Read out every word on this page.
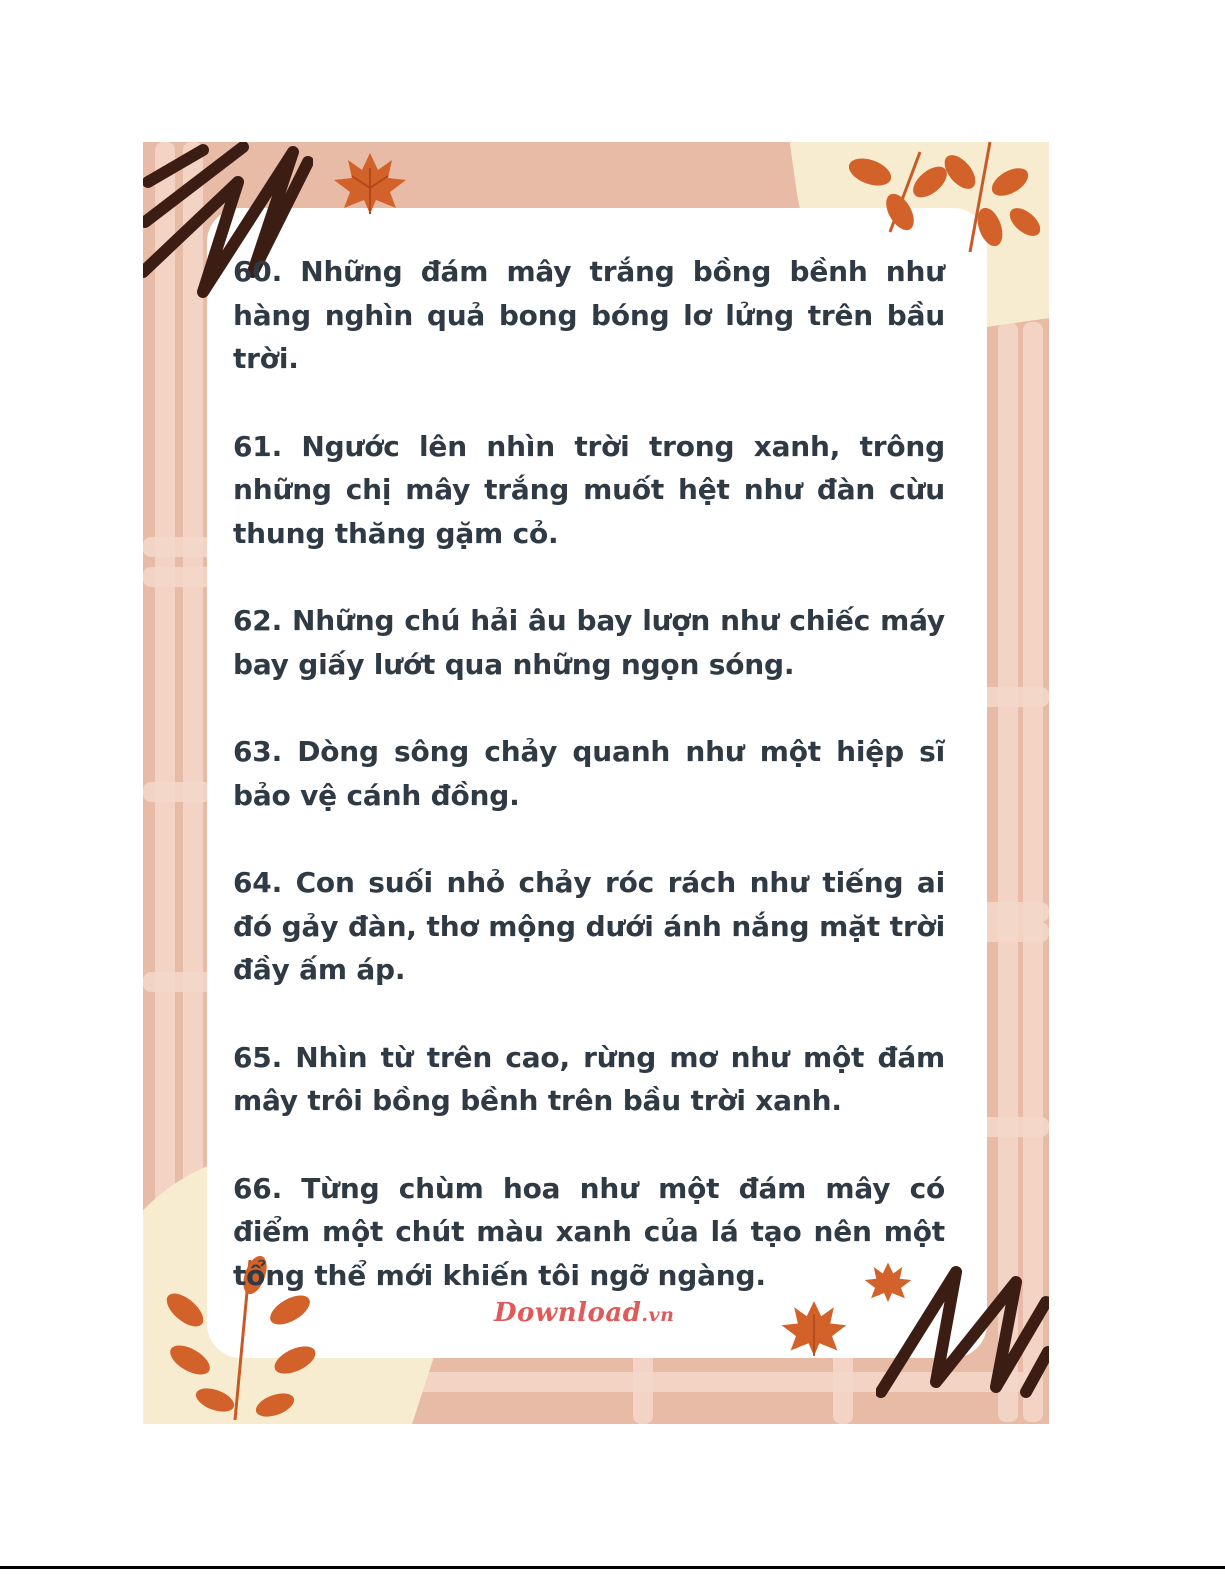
60. Những đám mây trắng bồng bềnh như hàng nghìn quả bong bóng lơ lửng trên bầu trời.

61. Ngước lên nhìn trời trong xanh, trông những chị mây trắng muốt hệt như đàn cừu thung thăng gặm cỏ.

62. Những chú hải âu bay lượn như chiếc máy bay giấy lướt qua những ngọn sóng.

63. Dòng sông chảy quanh như một hiệp sĩ bảo vệ cánh đồng.

64. Con suối nhỏ chảy róc rách như tiếng ai đó gảy đàn, thơ mộng dưới ánh nắng mặt trời đầy ấm áp.

65. Nhìn từ trên cao, rừng mơ như một đám mây trôi bồng bềnh trên bầu trời xanh.

66. Từng chùm hoa như một đám mây có điểm một chút màu xanh của lá tạo nên một tổng thể mới khiến tôi ngỡ ngàng.

Download.vn
